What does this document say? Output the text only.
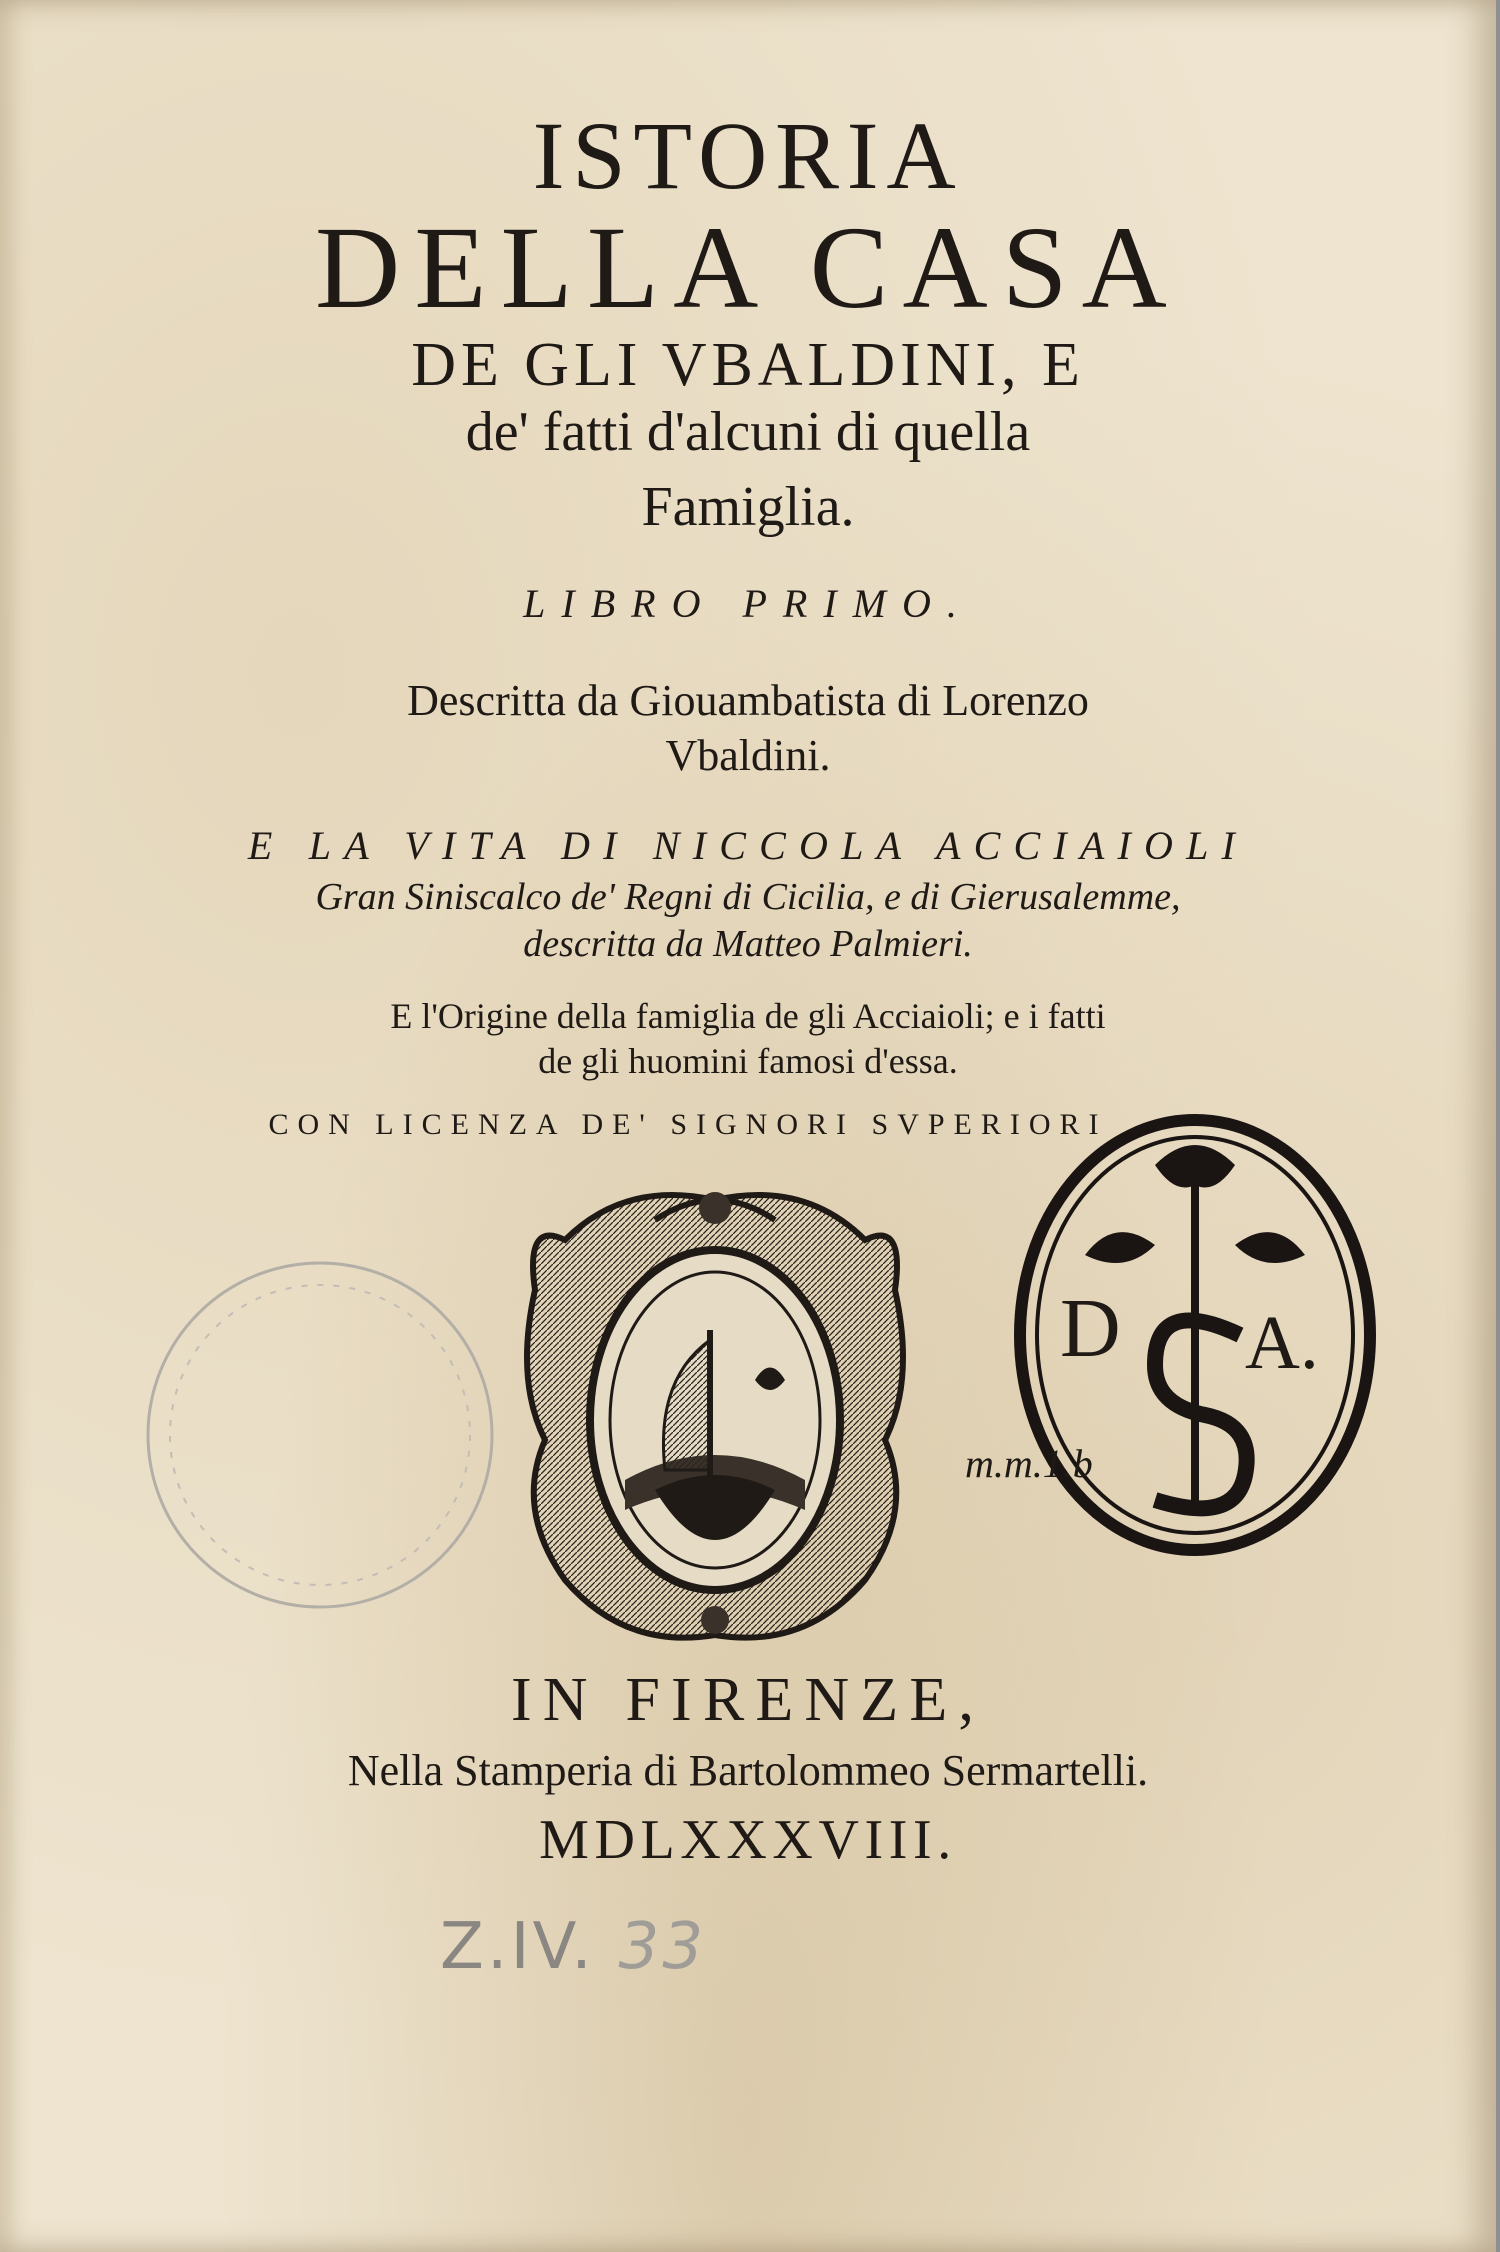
ISTORIA
DELLA CASA
DE GLI VBALDINI, E
de' fatti d'alcuni di quella
Famiglia.
LIBRO PRIMO.
Descritta da Giouambatista di Lorenzo
Vbaldini.
E LA VITA DI NICCOLA ACCIAIOLI
Gran Siniscalco de' Regni di Cicilia, e di Gierusalemme,
descritta da Matteo Palmieri.
E l'Origine della famiglia de gli Acciaioli; e i fatti
de gli huomini famosi d'essa.
CON LICENZA DE' SIGNORI SVPERIORI
D	A.
m.m.1.b
IN FIRENZE,
Nella Stamperia di Bartolommeo Sermartelli.
MDLXXXVIII.
Z.IV. 33
